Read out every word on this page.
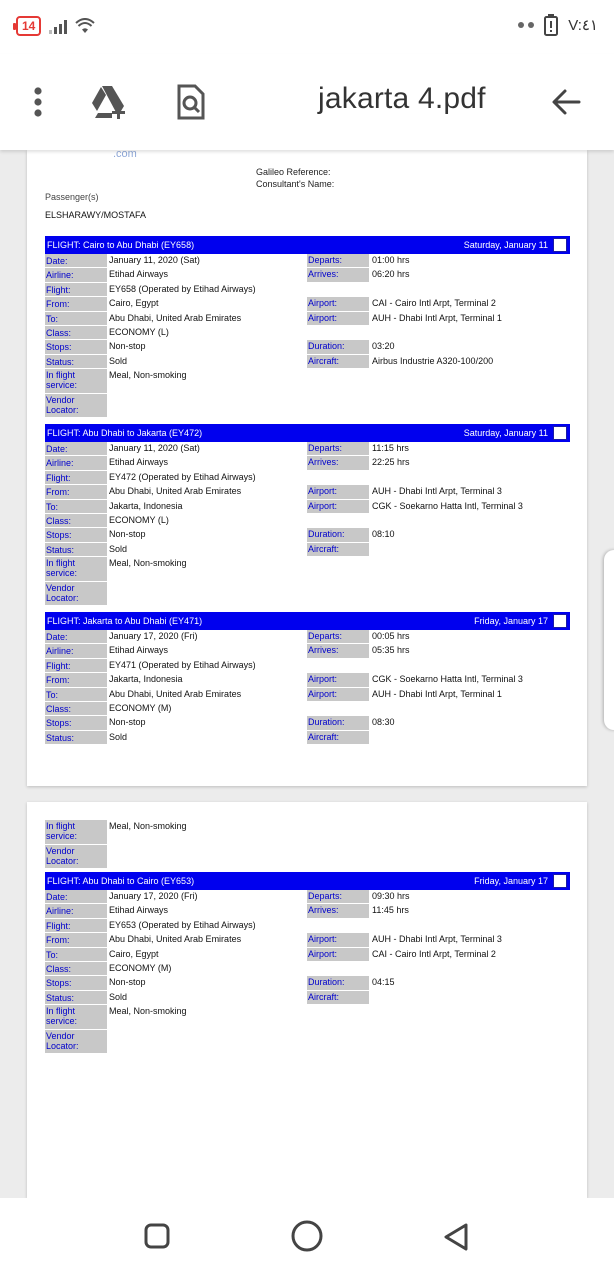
14	V:٤١
jakarta 4.pdf
.com
Galileo Reference:
Consultant's Name:
Passenger(s)
ELSHARAWY/MOSTAFA
FLIGHT: Cairo to Abu Dhabi (EY658)	Saturday, January 11
Date:	January 11, 2020 (Sat)	Departs:	01:00 hrs
Airline:	Etihad Airways	Arrives:	06:20 hrs
Flight:	EY658 (Operated by Etihad Airways)
From:	Cairo, Egypt	Airport:	CAI - Cairo Intl Arpt, Terminal 2
To:	Abu Dhabi, United Arab Emirates	Airport:	AUH - Dhabi Intl Arpt, Terminal 1
Class:	ECONOMY (L)
Stops:	Non-stop	Duration:	03:20
Status:	Sold	Aircraft:	Airbus Industrie A320-100/200
In flight service:
Meal, Non-smoking
Vendor Locator:
FLIGHT: Abu Dhabi to Jakarta (EY472)	Saturday, January 11
Date:	January 11, 2020 (Sat)	Departs:	11:15 hrs
Airline:	Etihad Airways	Arrives:	22:25 hrs
Flight:	EY472 (Operated by Etihad Airways)
From:	Abu Dhabi, United Arab Emirates	Airport:	AUH - Dhabi Intl Arpt, Terminal 3
To:	Jakarta, Indonesia	Airport:	CGK - Soekarno Hatta Intl, Terminal 3
Class:	ECONOMY (L)
Stops:	Non-stop	Duration:	08:10
Status:	Sold	Aircraft:
In flight service:
Meal, Non-smoking
Vendor Locator:
FLIGHT: Jakarta to Abu Dhabi (EY471)	Friday, January 17
Date:	January 17, 2020 (Fri)	Departs:	00:05 hrs
Airline:	Etihad Airways	Arrives:	05:35 hrs
Flight:	EY471 (Operated by Etihad Airways)
From:	Jakarta, Indonesia	Airport:	CGK - Soekarno Hatta Intl, Terminal 3
To:	Abu Dhabi, United Arab Emirates	Airport:	AUH - Dhabi Intl Arpt, Terminal 1
Class:	ECONOMY (M)
Stops:	Non-stop	Duration:	08:30
Status:	Sold	Aircraft:
In flight service:
Meal, Non-smoking
Vendor Locator:
FLIGHT: Abu Dhabi to Cairo (EY653)	Friday, January 17
Date:	January 17, 2020 (Fri)	Departs:	09:30 hrs
Airline:	Etihad Airways	Arrives:	11:45 hrs
Flight:	EY653 (Operated by Etihad Airways)
From:	Abu Dhabi, United Arab Emirates	Airport:	AUH - Dhabi Intl Arpt, Terminal 3
To:	Cairo, Egypt	Airport:	CAI - Cairo Intl Arpt, Terminal 2
Class:	ECONOMY (M)
Stops:	Non-stop	Duration:	04:15
Status:	Sold	Aircraft:
In flight service:
Meal, Non-smoking
Vendor Locator:
